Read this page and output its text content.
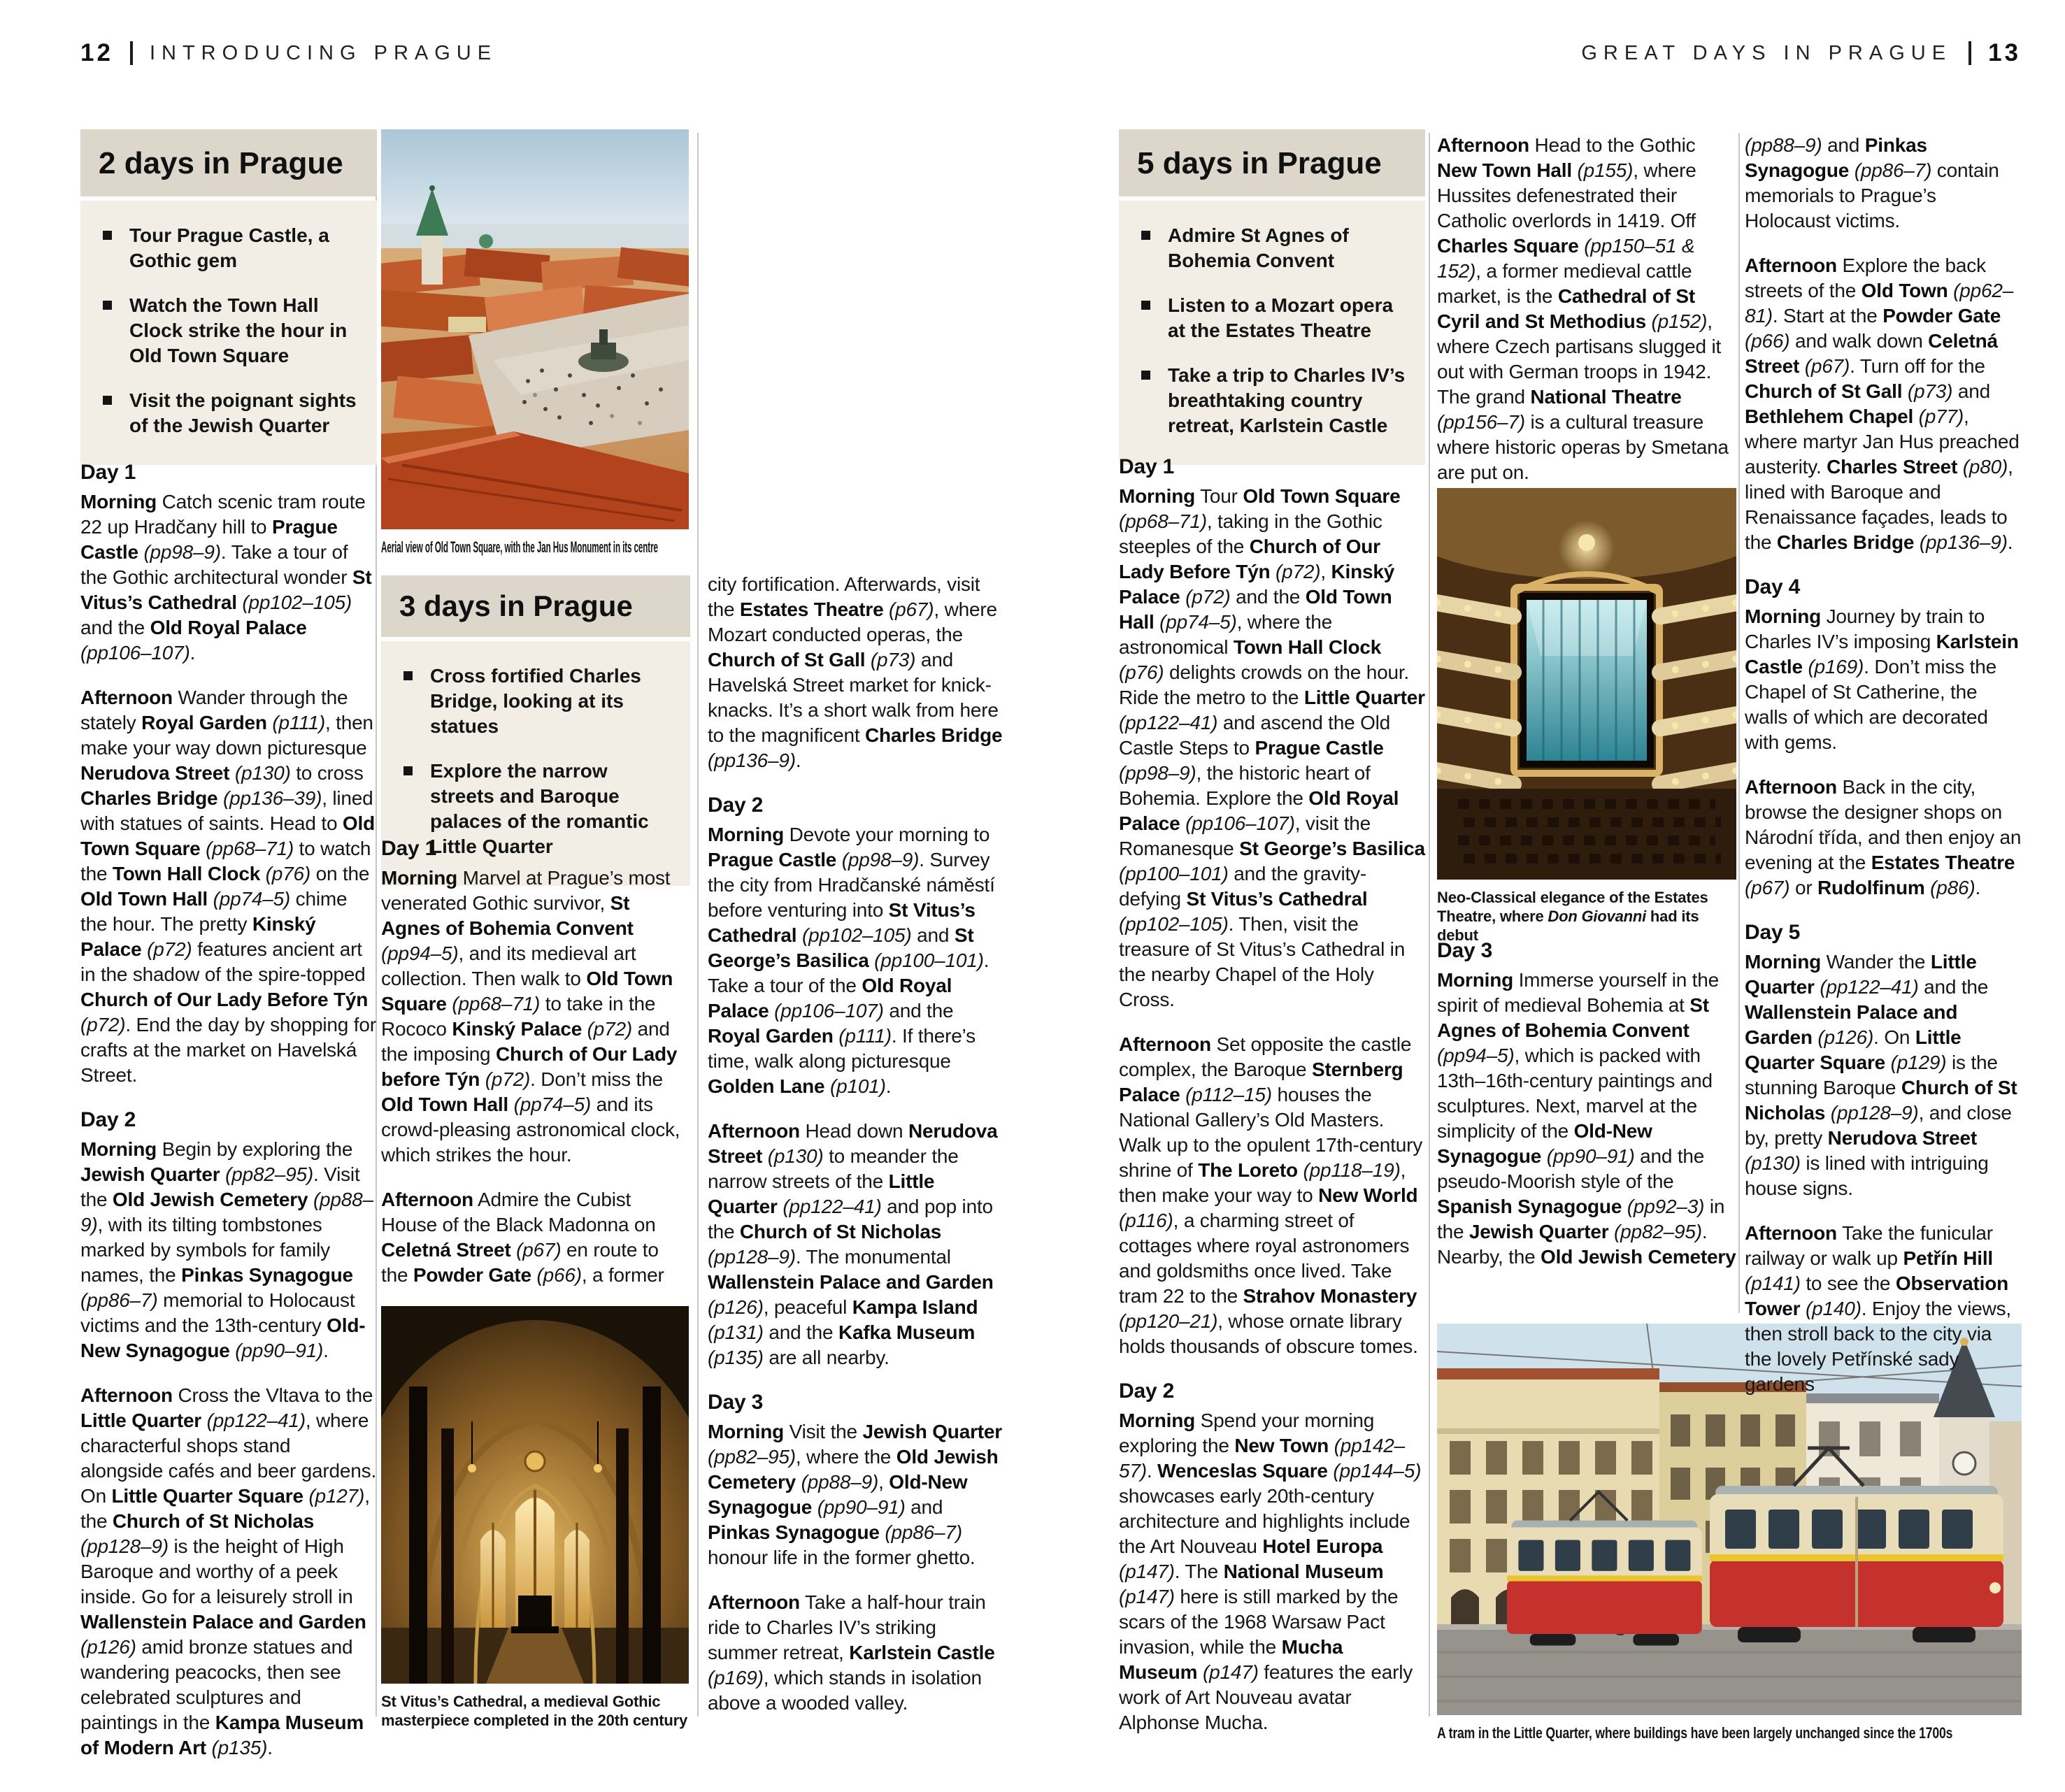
12 INTRODUCING PRAGUE	GREAT DAYS IN PRAGUE 13
2 days in Prague
Tour Prague Castle, a Gothic gem
Watch the Town Hall Clock strike the hour in Old Town Square
Visit the poignant sights of the Jewish Quarter
3 days in Prague
Cross fortified Charles Bridge, looking at its statues
Explore the narrow streets and Baroque palaces of the romantic Little Quarter
5 days in Prague
Admire St Agnes of Bohemia Convent
Listen to a Mozart opera at the Estates Theatre
Take a trip to Charles IV’s breathtaking country retreat, Karlstein Castle
Aerial view of Old Town Square, with the Jan Hus Monument in its centre
St Vitus’s Cathedral, a medieval Gothic masterpiece completed in the 20th century
Neo-Classical elegance of the Estates Theatre, where Don Giovanni had its debut
A tram in the Little Quarter, where buildings have been largely unchanged since the 1700s
Day 1

Morning Catch scenic tram route 22 up Hradčany hill to Prague Castle (pp98–9). Take a tour of the Gothic architectural wonder St Vitus’s Cathedral (pp102–105) and the Old Royal Palace (pp106–107).

Afternoon Wander through the stately Royal Garden (p111), then make your way down picturesque Nerudova Street (p130) to cross Charles Bridge (pp136–39), lined with statues of saints. Head to Old Town Square (pp68–71) to watch the Town Hall Clock (p76) on the Old Town Hall (pp74–5) chime the hour. The pretty Kinský Palace (p72) features ancient art in the shadow of the spire-topped Church of Our Lady Before Týn (p72). End the day by shopping for crafts at the market on Havelská Street.

Day 2

Morning Begin by exploring the Jewish Quarter (pp82–95). Visit the Old Jewish Cemetery (pp88–9), with its tilting tombstones marked by symbols for family names, the Pinkas Synagogue (pp86–7) memorial to Holocaust victims and the 13th-century Old-New Synagogue (pp90–91).

Afternoon Cross the Vltava to the Little Quarter (pp122–41), where characterful shops stand alongside cafés and beer gardens. On Little Quarter Square (p127), the Church of St Nicholas (pp128–9) is the height of High Baroque and worthy of a peek inside. Go for a leisurely stroll in Wallenstein Palace and Garden (p126) amid bronze statues and wandering peacocks, then see celebrated sculptures and paintings in the Kampa Museum of Modern Art (p135).

Day 1

Morning Marvel at Prague’s most venerated Gothic survivor, St Agnes of Bohemia Convent (pp94–5), and its medieval art collection. Then walk to Old Town Square (pp68–71) to take in the Rococo Kinský Palace (p72) and the imposing Church of Our Lady before Týn (p72). Don’t miss the Old Town Hall (pp74–5) and its crowd-pleasing astronomical clock, which strikes the hour.

Afternoon Admire the Cubist House of the Black Madonna on Celetná Street (p67) en route to the Powder Gate (p66), a former

city fortification. Afterwards, visit the Estates Theatre (p67), where Mozart conducted operas, the Church of St Gall (p73) and Havelská Street market for knick-knacks. It’s a short walk from here to the magnificent Charles Bridge (pp136–9).

Day 2

Morning Devote your morning to Prague Castle (pp98–9). Survey the city from Hradčanské náměstí before venturing into St Vitus’s Cathedral (pp102–105) and St George’s Basilica (pp100–101). Take a tour of the Old Royal Palace (pp106–107) and the Royal Garden (p111). If there’s time, walk along picturesque Golden Lane (p101).

Afternoon Head down Nerudova Street (p130) to meander the narrow streets of the Little Quarter (pp122–41) and pop into the Church of St Nicholas (pp128–9). The monumental Wallenstein Palace and Garden (p126), peaceful Kampa Island (p131) and the Kafka Museum (p135) are all nearby.

Day 3

Morning Visit the Jewish Quarter (pp82–95), where the Old Jewish Cemetery (pp88–9), Old-New Synagogue (pp90–91) and Pinkas Synagogue (pp86–7) honour life in the former ghetto.

Afternoon Take a half-hour train ride to Charles IV’s striking summer retreat, Karlstein Castle (p169), which stands in isolation above a wooded valley.

Day 1

Morning Tour Old Town Square (pp68–71), taking in the Gothic steeples of the Church of Our Lady Before Týn (p72), Kinský Palace (p72) and the Old Town Hall (pp74–5), where the astronomical Town Hall Clock (p76) delights crowds on the hour. Ride the metro to the Little Quarter (pp122–41) and ascend the Old Castle Steps to Prague Castle (pp98–9), the historic heart of Bohemia. Explore the Old Royal Palace (pp106–107), visit the Romanesque St George’s Basilica (pp100–101) and the gravity-defying St Vitus’s Cathedral (pp102–105). Then, visit the treasure of St Vitus’s Cathedral in the nearby Chapel of the Holy Cross.

Afternoon Set opposite the castle complex, the Baroque Sternberg Palace (p112–15) houses the National Gallery’s Old Masters. Walk up to the opulent 17th-century shrine of The Loreto (pp118–19), then make your way to New World (p116), a charming street of cottages where royal astronomers and goldsmiths once lived. Take tram 22 to the Strahov Monastery (pp120–21), whose ornate library holds thousands of obscure tomes.

Day 2

Morning Spend your morning exploring the New Town (pp142–57). Wenceslas Square (pp144–5) showcases early 20th-century architecture and highlights include the Art Nouveau Hotel Europa (p147). The National Museum (p147) here is still marked by the scars of the 1968 Warsaw Pact invasion, while the Mucha Museum (p147) features the early work of Art Nouveau avatar Alphonse Mucha.

Afternoon Head to the Gothic New Town Hall (p155), where Hussites defenestrated their Catholic overlords in 1419. Off Charles Square (pp150–51 & 152), a former medieval cattle market, is the Cathedral of St Cyril and St Methodius (p152), where Czech partisans slugged it out with German troops in 1942. The grand National Theatre (pp156–7) is a cultural treasure where historic operas by Smetana are put on.

Day 3

Morning Immerse yourself in the spirit of medieval Bohemia at St Agnes of Bohemia Convent (pp94–5), which is packed with 13th–16th-century paintings and sculptures. Next, marvel at the simplicity of the Old-New Synagogue (pp90–91) and the pseudo-Moorish style of the Spanish Synagogue (pp92–3) in the Jewish Quarter (pp82–95). Nearby, the Old Jewish Cemetery

(pp88–9) and Pinkas Synagogue (pp86–7) contain memorials to Prague’s Holocaust victims.

Afternoon Explore the back streets of the Old Town (pp62–81). Start at the Powder Gate (p66) and walk down Celetná Street (p67). Turn off for the Church of St Gall (p73) and Bethlehem Chapel (p77), where martyr Jan Hus preached austerity. Charles Street (p80), lined with Baroque and Renaissance façades, leads to the Charles Bridge (pp136–9).

Day 4

Morning Journey by train to Charles IV’s imposing Karlstein Castle (p169). Don’t miss the Chapel of St Catherine, the walls of which are decorated with gems.

Afternoon Back in the city, browse the designer shops on Národní třída, and then enjoy an evening at the Estates Theatre (p67) or Rudolfinum (p86).

Day 5

Morning Wander the Little Quarter (pp122–41) and the Wallenstein Palace and Garden (p126). On Little Quarter Square (p129) is the stunning Baroque Church of St Nicholas (pp128–9), and close by, pretty Nerudova Street (p130) is lined with intriguing house signs.

Afternoon Take the funicular railway or walk up Petřín Hill (p141) to see the Observation Tower (p140). Enjoy the views, then stroll back to the city via the lovely Petřínské sady gardens
